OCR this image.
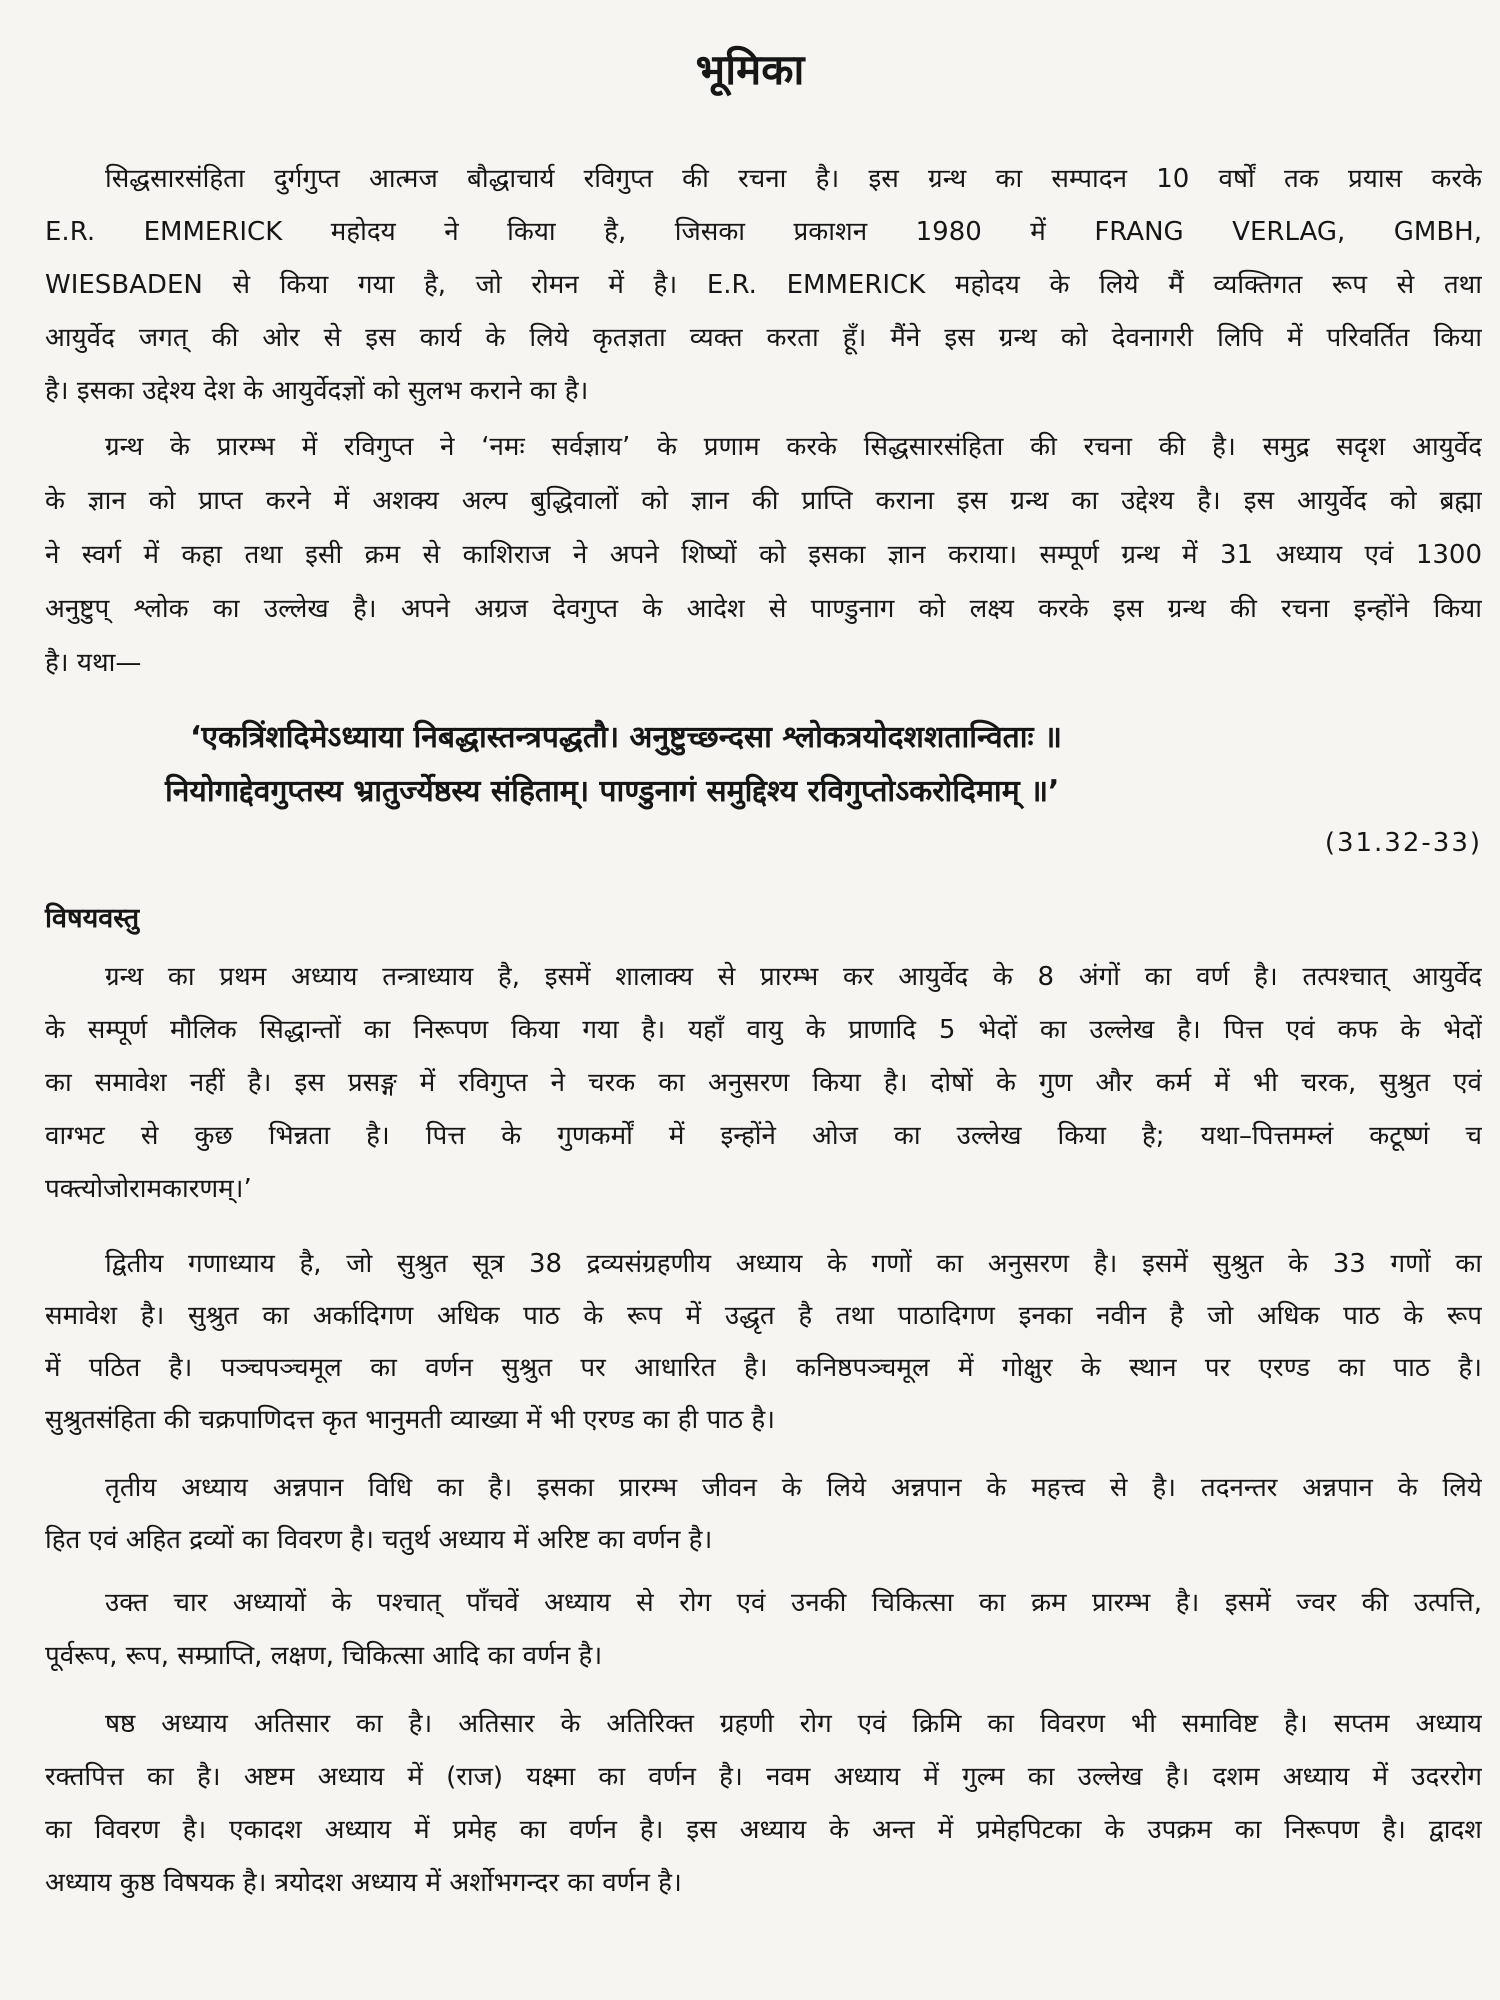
भूमिका
‘एकत्रिंशदिमेऽध्याया निबद्धास्तन्त्रपद्धतौ। अनुष्टुच्छन्दसा श्लोकत्रयोदशशतान्विताः ॥
नियोगाद्देवगुप्तस्य भ्रातुर्ज्येष्ठस्य संहिताम्। पाण्डुनागं समुद्दिश्य रविगुप्तोऽकरोदिमाम् ॥’
(31.32-33)
विषयवस्तु
सिद्धसारसंहिता दुर्गगुप्त आत्मज बौद्धाचार्य रविगुप्त की रचना है। इस ग्रन्थ का सम्पादन 10 वर्षों तक प्रयास करके
E.R. EMMERICK महोदय ने किया है, जिसका प्रकाशन 1980 में FRANG VERLAG, GMBH,
WIESBADEN से किया गया है, जो रोमन में है। E.R. EMMERICK महोदय के लिये मैं व्यक्तिगत रूप से तथा
आयुर्वेद जगत् की ओर से इस कार्य के लिये कृतज्ञता व्यक्त करता हूँ। मैंने इस ग्रन्थ को देवनागरी लिपि में परिवर्तित किया
है। इसका उद्देश्य देश के आयुर्वेदज्ञों को सुलभ कराने का है।
ग्रन्थ के प्रारम्भ में रविगुप्त ने ‘नमः सर्वज्ञाय’ के प्रणाम करके सिद्धसारसंहिता की रचना की है। समुद्र सदृश आयुर्वेद
के ज्ञान को प्राप्त करने में अशक्य अल्प बुद्धिवालों को ज्ञान की प्राप्ति कराना इस ग्रन्थ का उद्देश्य है। इस आयुर्वेद को ब्रह्मा
ने स्वर्ग में कहा तथा इसी क्रम से काशिराज ने अपने शिष्यों को इसका ज्ञान कराया। सम्पूर्ण ग्रन्थ में 31 अध्याय एवं 1300
अनुष्टुप् श्लोक का उल्लेख है। अपने अग्रज देवगुप्त के आदेश से पाण्डुनाग को लक्ष्य करके इस ग्रन्थ की रचना इन्होंने किया
है। यथा—
ग्रन्थ का प्रथम अध्याय तन्त्राध्याय है, इसमें शालाक्य से प्रारम्भ कर आयुर्वेद के 8 अंगों का वर्ण है। तत्पश्चात् आयुर्वेद
के सम्पूर्ण मौलिक सिद्धान्तों का निरूपण किया गया है। यहाँ वायु के प्राणादि 5 भेदों का उल्लेख है। पित्त एवं कफ के भेदों
का समावेश नहीं है। इस प्रसङ्ग में रविगुप्त ने चरक का अनुसरण किया है। दोषों के गुण और कर्म में भी चरक, सुश्रुत एवं
वाग्भट से कुछ भिन्नता है। पित्त के गुणकर्मों में इन्होंने ओज का उल्लेख किया है; यथा–पित्तमम्लं कटूष्णं च
पक्त्योजोरामकारणम्।’
द्वितीय गणाध्याय है, जो सुश्रुत सूत्र 38 द्रव्यसंग्रहणीय अध्याय के गणों का अनुसरण है। इसमें सुश्रुत के 33 गणों का
समावेश है। सुश्रुत का अर्कादिगण अधिक पाठ के रूप में उद्धृत है तथा पाठादिगण इनका नवीन है जो अधिक पाठ के रूप
में पठित है। पञ्चपञ्चमूल का वर्णन सुश्रुत पर आधारित है। कनिष्ठपञ्चमूल में गोक्षुर के स्थान पर एरण्ड का पाठ है।
सुश्रुतसंहिता की चक्रपाणिदत्त कृत भानुमती व्याख्या में भी एरण्ड का ही पाठ है।
तृतीय अध्याय अन्नपान विधि का है। इसका प्रारम्भ जीवन के लिये अन्नपान के महत्त्व से है। तदनन्तर अन्नपान के लिये
हित एवं अहित द्रव्यों का विवरण है। चतुर्थ अध्याय में अरिष्ट का वर्णन है।
उक्त चार अध्यायों के पश्चात् पाँचवें अध्याय से रोग एवं उनकी चिकित्सा का क्रम प्रारम्भ है। इसमें ज्वर की उत्पत्ति,
पूर्वरूप, रूप, सम्प्राप्ति, लक्षण, चिकित्सा आदि का वर्णन है।
षष्ठ अध्याय अतिसार का है। अतिसार के अतिरिक्त ग्रहणी रोग एवं क्रिमि का विवरण भी समाविष्ट है। सप्तम अध्याय
रक्तपित्त का है। अष्टम अध्याय में (राज) यक्ष्मा का वर्णन है। नवम अध्याय में गुल्म का उल्लेख है। दशम अध्याय में उदररोग
का विवरण है। एकादश अध्याय में प्रमेह का वर्णन है। इस अध्याय के अन्त में प्रमेहपिटका के उपक्रम का निरूपण है। द्वादश
अध्याय कुष्ठ विषयक है। त्रयोदश अध्याय में अर्शोभगन्दर का वर्णन है।
